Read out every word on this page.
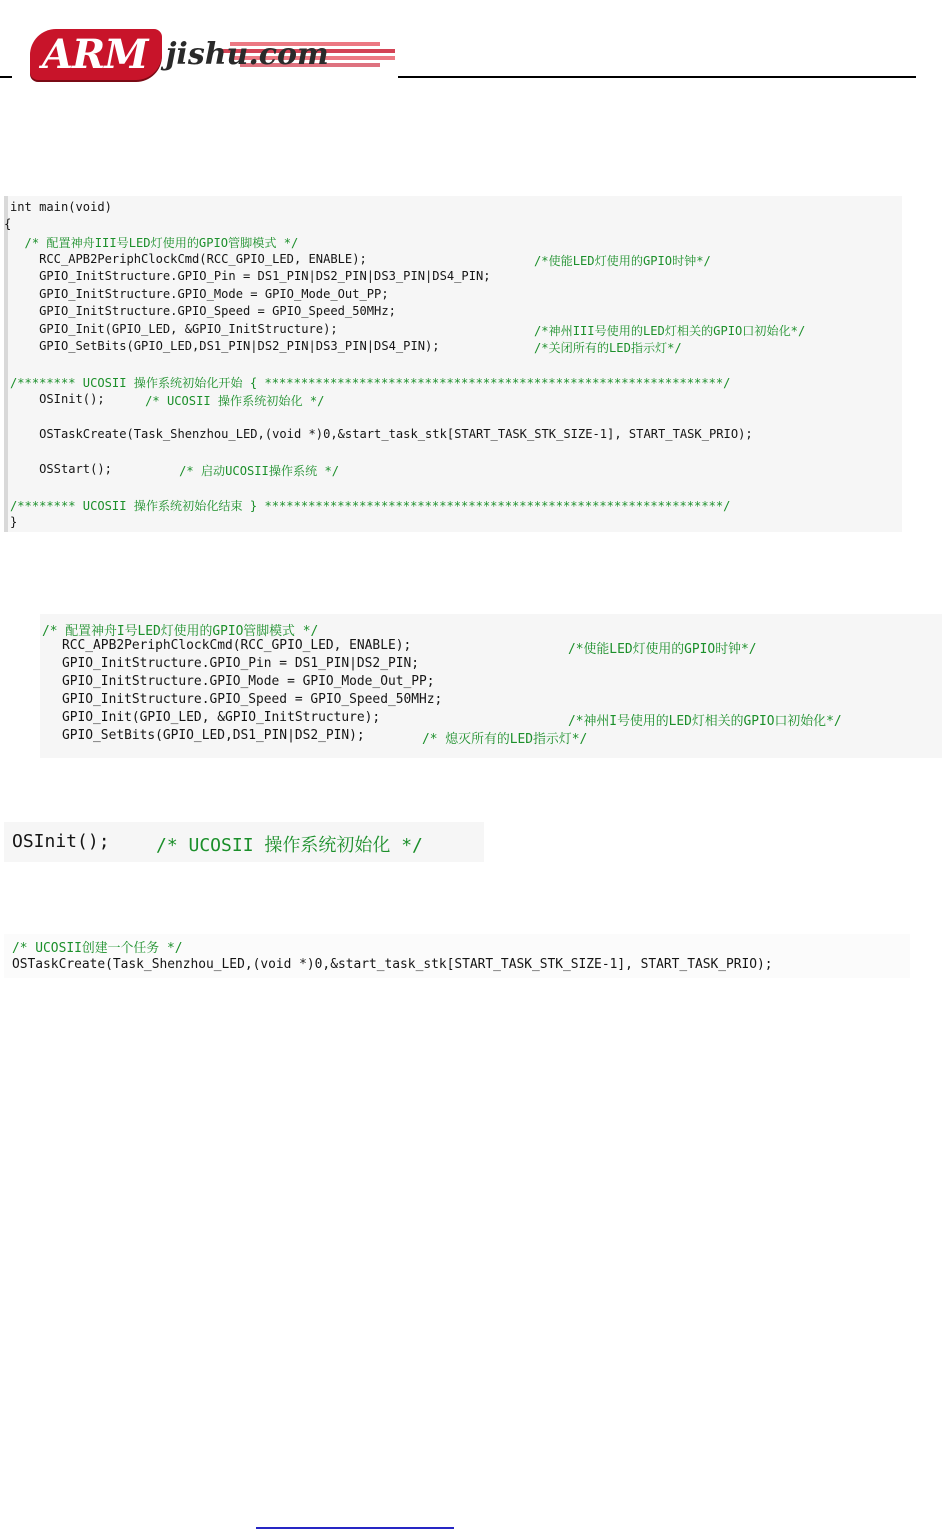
ARM jishu.com

int main(void)

{

/* 配置神舟III号LED灯使用的GPIO管脚模式 */

RCC_APB2PeriphClockCmd(RCC_GPIO_LED, ENABLE);

	/*使能LED灯使用的GPIO时钟*/

GPIO_InitStructure.GPIO_Pin = DS1_PIN|DS2_PIN|DS3_PIN|DS4_PIN;

GPIO_InitStructure.GPIO_Mode = GPIO_Mode_Out_PP;

GPIO_InitStructure.GPIO_Speed = GPIO_Speed_50MHz;

GPIO_Init(GPIO_LED, &GPIO_InitStructure);

	/*神州III号使用的LED灯相关的GPIO口初始化*/

GPIO_SetBits(GPIO_LED,DS1_PIN|DS2_PIN|DS3_PIN|DS4_PIN);

	/*关闭所有的LED指示灯*/

/******** UCOSII 操作系统初始化开始 { ***************************************************************/

OSInit();

/* UCOSII 操作系统初始化 */

OSTaskCreate(Task_Shenzhou_LED,(void *)0,&start_task_stk[START_TASK_STK_SIZE-1], START_TASK_PRIO);

OSStart();

	/* 启动UCOSII操作系统 */

/******** UCOSII 操作系统初始化结束 } ***************************************************************/

}

/* 配置神舟I号LED灯使用的GPIO管脚模式 */

RCC_APB2PeriphClockCmd(RCC_GPIO_LED, ENABLE);

	/*使能LED灯使用的GPIO时钟*/

GPIO_InitStructure.GPIO_Pin = DS1_PIN|DS2_PIN;

GPIO_InitStructure.GPIO_Mode = GPIO_Mode_Out_PP;

GPIO_InitStructure.GPIO_Speed = GPIO_Speed_50MHz;

GPIO_Init(GPIO_LED, &GPIO_InitStructure);

	/*神州I号使用的LED灯相关的GPIO口初始化*/

GPIO_SetBits(GPIO_LED,DS1_PIN|DS2_PIN);

	/* 熄灭所有的LED指示灯*/

OSInit();

	/* UCOSII 操作系统初始化 */

/* UCOSII创建一个任务 */

OSTaskCreate(Task_Shenzhou_LED,(void *)0,&start_task_stk[START_TASK_STK_SIZE-1], START_TASK_PRIO);
